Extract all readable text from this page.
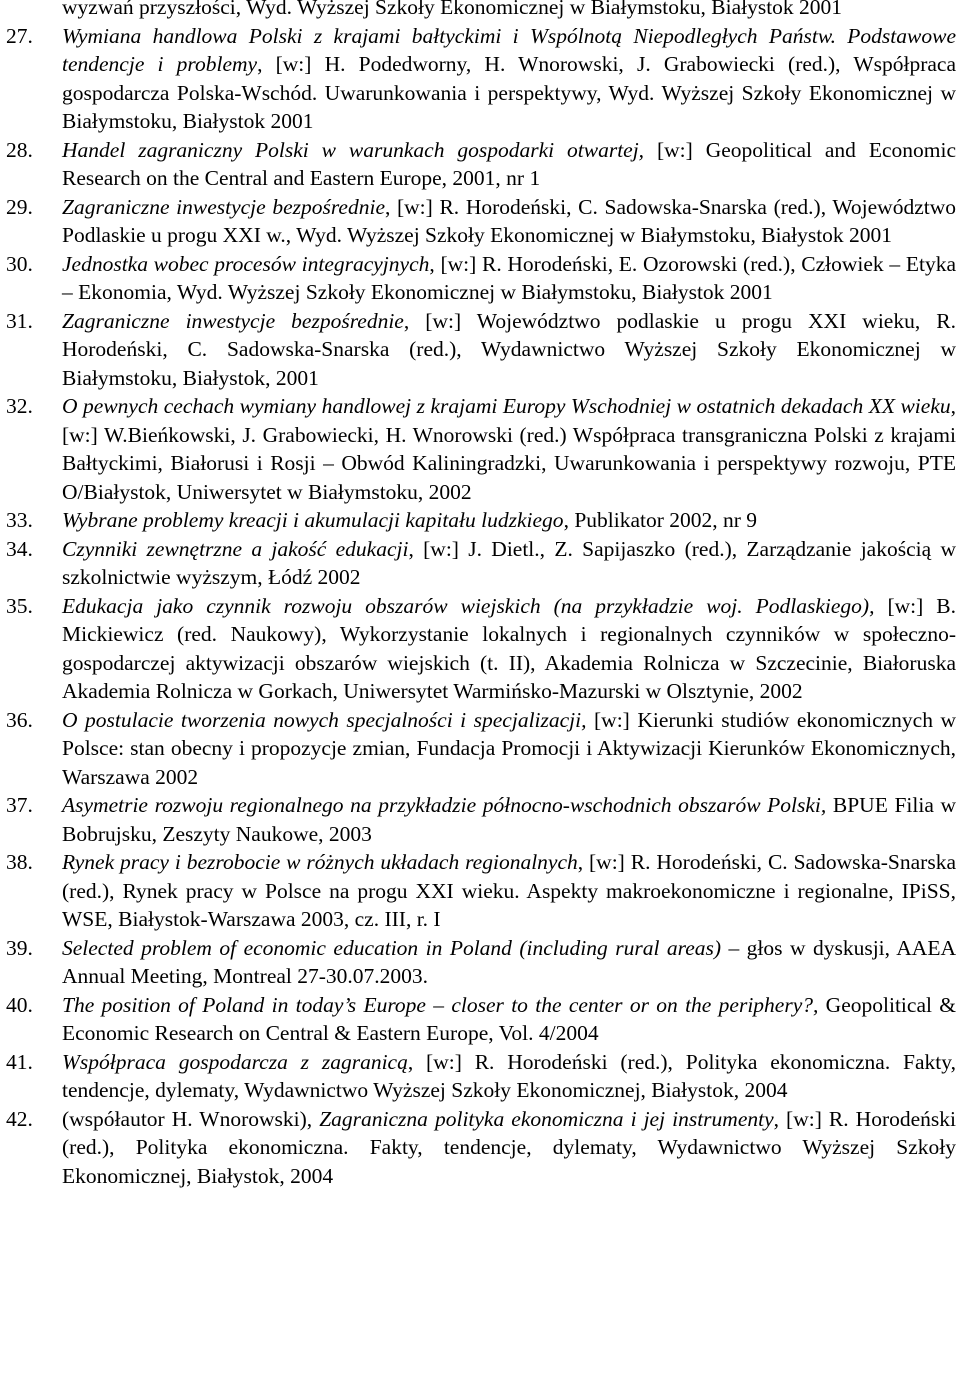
wyzwań przyszłości, Wyd. Wyższej Szkoły Ekonomicznej w Białymstoku, Białystok 2001
27. Wymiana handlowa Polski z krajami bałtyckimi i Wspólnotą Niepodległych Państw. Podstawowe tendencje i problemy, [w:] H. Podedworny, H. Wnorowski, J. Grabowiecki (red.), Współpraca gospodarcza Polska-Wschód. Uwarunkowania i perspektywy, Wyd. Wyższej Szkoły Ekonomicznej w Białymstoku, Białystok 2001
28. Handel zagraniczny Polski w warunkach gospodarki otwartej, [w:] Geopolitical and Economic Research on the Central and Eastern Europe, 2001, nr 1
29. Zagraniczne inwestycje bezpośrednie, [w:] R. Horodeński, C. Sadowska-Snarska (red.), Województwo Podlaskie u progu XXI w., Wyd. Wyższej Szkoły Ekonomicznej w Białymstoku, Białystok 2001
30. Jednostka wobec procesów integracyjnych, [w:] R. Horodeński, E. Ozorowski (red.), Człowiek – Etyka – Ekonomia, Wyd. Wyższej Szkoły Ekonomicznej w Białymstoku, Białystok 2001
31. Zagraniczne inwestycje bezpośrednie, [w:] Województwo podlaskie u progu XXI wieku, R. Horodeński, C. Sadowska-Snarska (red.), Wydawnictwo Wyższej Szkoły Ekonomicznej w Białymstoku, Białystok, 2001
32. O pewnych cechach wymiany handlowej z krajami Europy Wschodniej w ostatnich dekadach XX wieku, [w:] W.Bieńkowski, J. Grabowiecki, H. Wnorowski (red.) Współpraca transgraniczna Polski z krajami Bałtyckimi, Białorusi i Rosji – Obwód Kaliningradzki, Uwarunkowania i perspektywy rozwoju, PTE O/Białystok, Uniwersytet w Białymstoku, 2002
33. Wybrane problemy kreacji i akumulacji kapitału ludzkiego, Publikator 2002, nr 9
34. Czynniki zewnętrzne a jakość edukacji, [w:] J. Dietl., Z. Sapijaszko (red.), Zarządzanie jakością w szkolnictwie wyższym, Łódź 2002
35. Edukacja jako czynnik rozwoju obszarów wiejskich (na przykładzie woj. Podlaskiego), [w:] B. Mickiewicz (red. Naukowy), Wykorzystanie lokalnych i regionalnych czynników w społeczno-gospodarczej aktywizacji obszarów wiejskich (t. II), Akademia Rolnicza w Szczecinie, Białoruska Akademia Rolnicza w Gorkach, Uniwersytet Warmińsko-Mazurski w Olsztynie, 2002
36. O postulacie tworzenia nowych specjalności i specjalizacji, [w:] Kierunki studiów ekonomicznych w Polsce: stan obecny i propozycje zmian, Fundacja Promocji i Aktywizacji Kierunków Ekonomicznych, Warszawa 2002
37. Asymetrie rozwoju regionalnego na przykładzie północno-wschodnich obszarów Polski, BPUE Filia w Bobrujsku, Zeszyty Naukowe, 2003
38. Rynek pracy i bezrobocie w różnych układach regionalnych, [w:] R. Horodeński, C. Sadowska-Snarska (red.), Rynek pracy w Polsce na progu XXI wieku. Aspekty makroekonomiczne i regionalne, IPiSS, WSE, Białystok-Warszawa 2003, cz. III, r. I
39. Selected problem of economic education in Poland (including rural areas) – głos w dyskusji, AAEA Annual Meeting, Montreal 27-30.07.2003.
40. The position of Poland in today’s Europe – closer to the center or on the periphery?, Geopolitical & Economic Research on Central & Eastern Europe, Vol. 4/2004
41. Współpraca gospodarcza z zagranicą, [w:] R. Horodeński (red.), Polityka ekonomiczna. Fakty, tendencje, dylematy, Wydawnictwo Wyższej Szkoły Ekonomicznej, Białystok, 2004
42. (współautor H. Wnorowski), Zagraniczna polityka ekonomiczna i jej instrumenty, [w:] R. Horodeński (red.), Polityka ekonomiczna. Fakty, tendencje, dylematy, Wydawnictwo Wyższej Szkoły Ekonomicznej, Białystok, 2004
